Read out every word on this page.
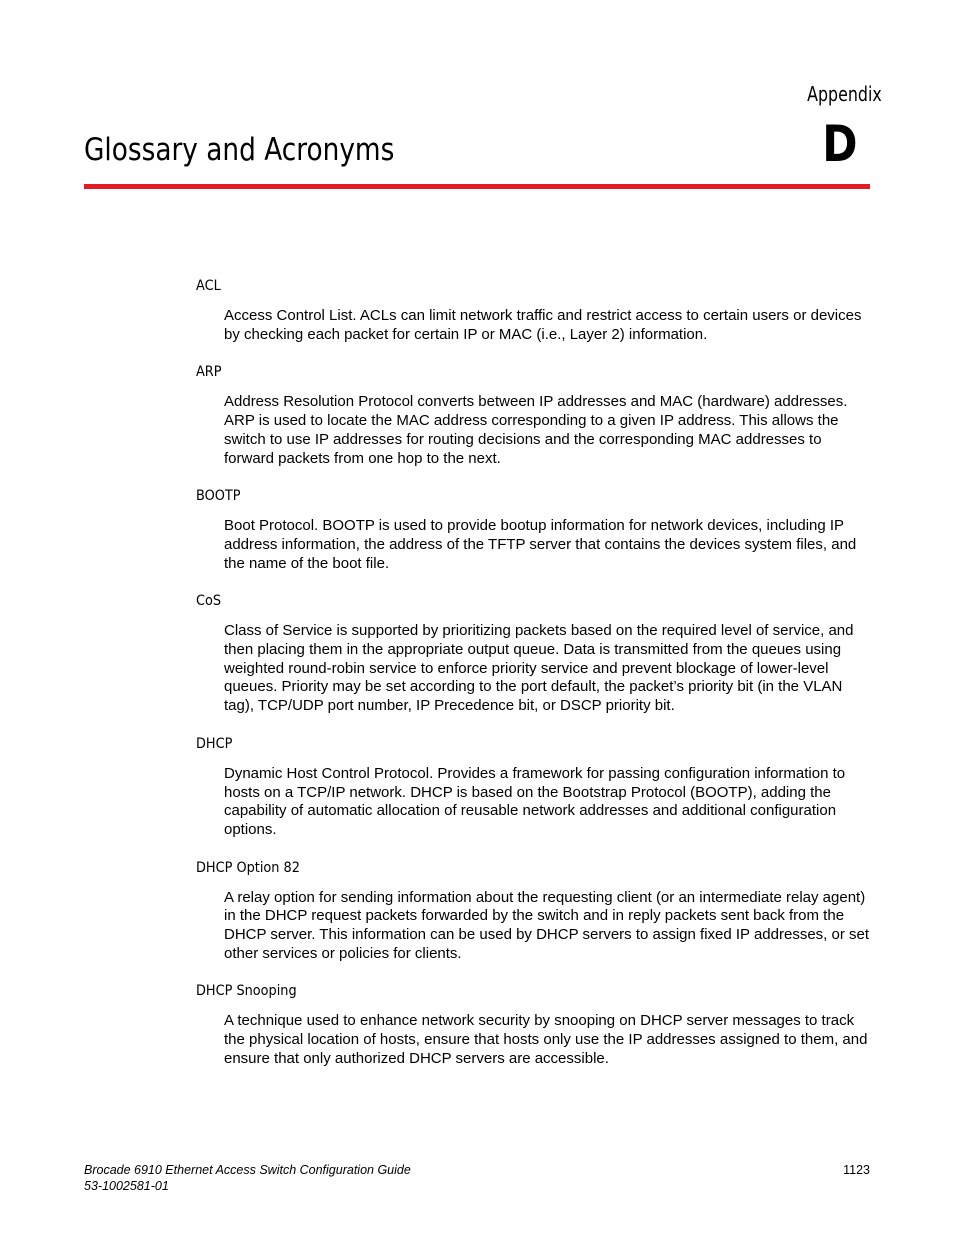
Appendix
D
Glossary and Acronyms
ACL

Access Control List. ACLs can limit network traffic and restrict access to certain users or devices by checking each packet for certain IP or MAC (i.e., Layer 2) information.

ARP

Address Resolution Protocol converts between IP addresses and MAC (hardware) addresses. ARP is used to locate the MAC address corresponding to a given IP address. This allows the switch to use IP addresses for routing decisions and the corresponding MAC addresses to forward packets from one hop to the next.

BOOTP

Boot Protocol. BOOTP is used to provide bootup information for network devices, including IP address information, the address of the TFTP server that contains the devices system files, and the name of the boot file.

CoS

Class of Service is supported by prioritizing packets based on the required level of service, and then placing them in the appropriate output queue. Data is transmitted from the queues using weighted round-robin service to enforce priority service and prevent blockage of lower-level queues. Priority may be set according to the port default, the packet’s priority bit (in the VLAN tag), TCP/UDP port number, IP Precedence bit, or DSCP priority bit.

DHCP

Dynamic Host Control Protocol. Provides a framework for passing configuration information to hosts on a TCP/IP network. DHCP is based on the Bootstrap Protocol (BOOTP), adding the capability of automatic allocation of reusable network addresses and additional configuration options.

DHCP Option 82

A relay option for sending information about the requesting client (or an intermediate relay agent) in the DHCP request packets forwarded by the switch and in reply packets sent back from the DHCP server. This information can be used by DHCP servers to assign fixed IP addresses, or set other services or policies for clients.

DHCP Snooping

A technique used to enhance network security by snooping on DHCP server messages to track the physical location of hosts, ensure that hosts only use the IP addresses assigned to them, and ensure that only authorized DHCP servers are accessible.

Brocade 6910 Ethernet Access Switch Configuration Guide
53-1002581-01
1123
